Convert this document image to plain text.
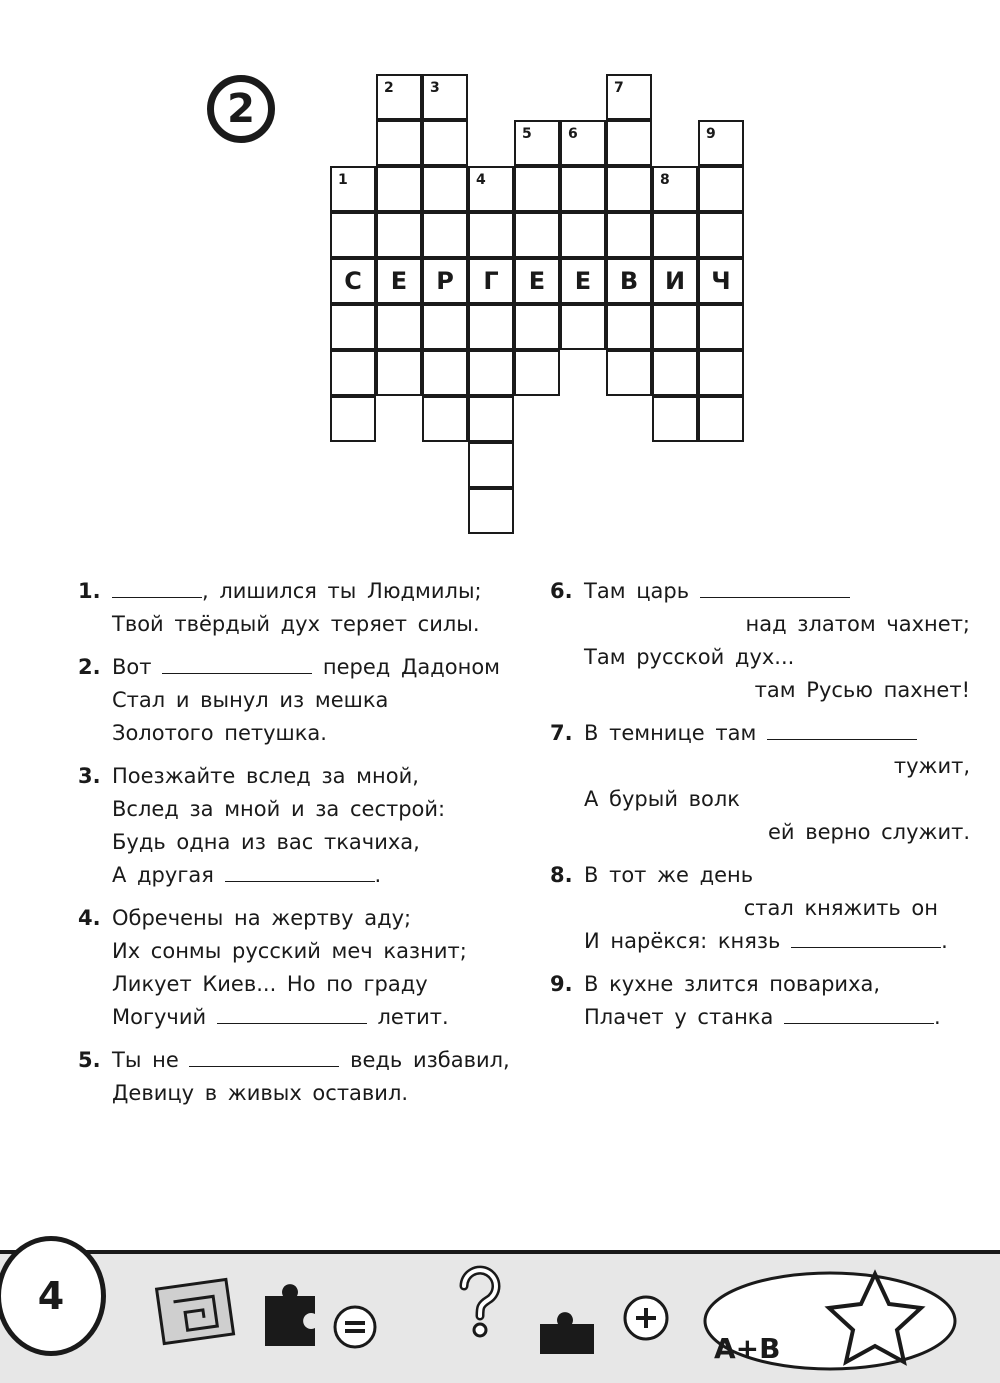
2	2	3	7
5	6	9
1	4	8
С	Е	Р	Г	Е	Е	В	И	Ч
1.	, лишился ты Людмилы;
Твой твёрдый дух теряет силы.
2. Вот	перед Дадоном
Стал и вынул из мешка
Золотого петушка.
3. Поезжайте вслед за мной,
Вслед за мной и за сестрой:
Будь одна из вас ткачиха,
А другая	.
4. Обречены на жертву аду;
Их сонмы русский меч казнит;
Ликует Киев... Но по граду
Могучий	летит.
5. Ты не	ведь избавил,
Девицу в живых оставил.
6. Там царь
над златом чахнет;
Там русской дух...
там Русью пахнет!
7. В темнице там
тужит,
А бурый волк
ей верно служит.
8. В тот же день
стал княжить он
И нарёкся: князь	.
9. В кухне злится повариха,
Плачет у станка	.
A+B
4
